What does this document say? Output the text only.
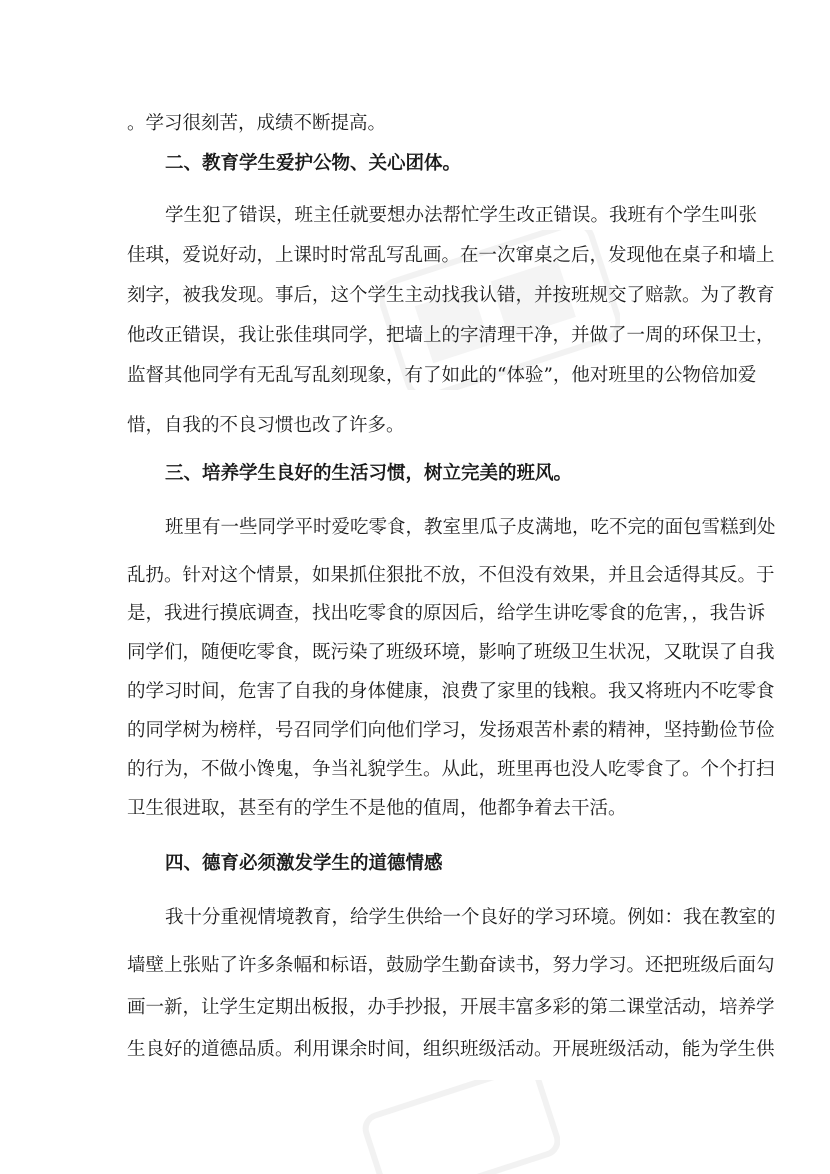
。学习很刻苦，成绩不断提高。
二、教育学生爱护公物、关心团体。
学生犯了错误，班主任就要想办法帮忙学生改正错误。我班有个学生叫张
佳琪，爱说好动，上课时时常乱写乱画。在一次窜桌之后，发现他在桌子和墙上
刻字，被我发现。事后，这个学生主动找我认错，并按班规交了赔款。为了教育
他改正错误，我让张佳琪同学，把墙上的字清理干净，并做了一周的环保卫士，
监督其他同学有无乱写乱刻现象，有了如此的“体验”，他对班里的公物倍加爱
惜，自我的不良习惯也改了许多。
三、培养学生良好的生活习惯，树立完美的班风。
班里有一些同学平时爱吃零食，教室里瓜子皮满地，吃不完的面包雪糕到处
乱扔。针对这个情景，如果抓住狠批不放，不但没有效果，并且会适得其反。于
是，我进行摸底调查，找出吃零食的原因后，给学生讲吃零食的危害，，我告诉
同学们，随便吃零食，既污染了班级环境，影响了班级卫生状况，又耽误了自我
的学习时间，危害了自我的身体健康，浪费了家里的钱粮。我又将班内不吃零食
的同学树为榜样，号召同学们向他们学习，发扬艰苦朴素的精神，坚持勤俭节俭
的行为，不做小馋鬼，争当礼貌学生。从此，班里再也没人吃零食了。个个打扫
卫生很进取，甚至有的学生不是他的值周，他都争着去干活。
四、德育必须激发学生的道德情感
我十分重视情境教育，给学生供给一个良好的学习环境。例如：我在教室的
墙壁上张贴了许多条幅和标语，鼓励学生勤奋读书，努力学习。还把班级后面勾
画一新，让学生定期出板报，办手抄报，开展丰富多彩的第二课堂活动，培养学
生良好的道德品质。利用课余时间，组织班级活动。开展班级活动，能为学生供
